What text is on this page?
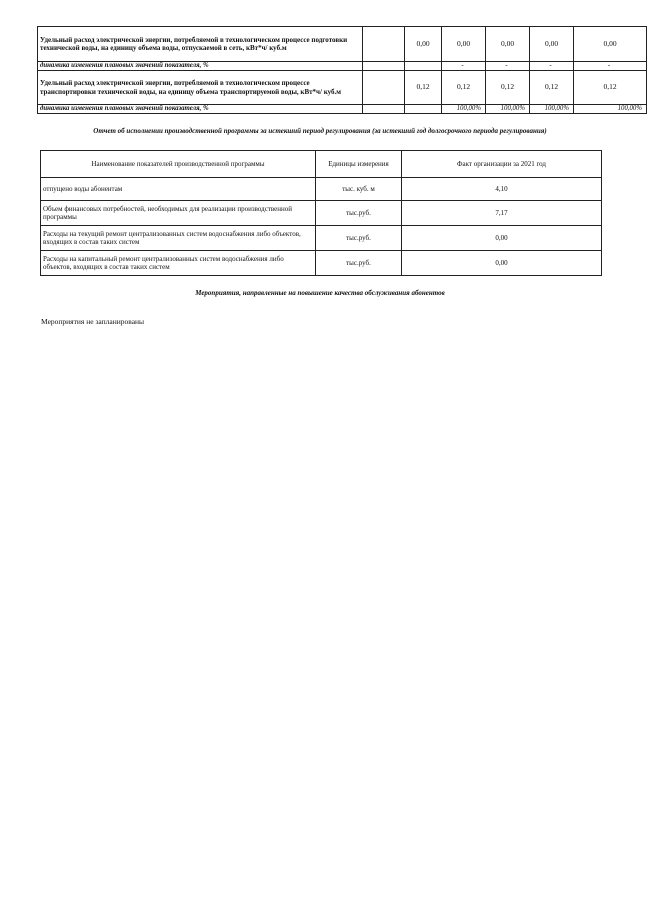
Удельный расход электрической энергии, потребляемой в технологическом процессе подготовки технической воды, на единицу объема воды, отпускаемой в сеть, кВт*ч/ куб.м		0,00	0,00	0,00	0,00	0,00
динамика изменения плановых значений показателя, %			-	-	-	-
Удельный расход электрической энергии, потребляемой в технологическом процессе транспортировки технической воды, на единицу объема транспортируемой воды, кВт*ч/ куб.м		0,12	0,12	0,12	0,12	0,12
динамика изменения плановых значений показателя, %			100,00%	100,00%	100,00%	100,00%
Отчет об исполнении производственной программы за истекший период регулирования (за истекший год долгосрочного периода регулирования)
Наименование показателей производственной программы	Единицы измерения	Факт организации за 2021 год
отпущено воды абонентам	тыс. куб. м	4,10
Объем финансовых потребностей, необходимых для реализации производственной программы	тыс.руб.	7,17
Расходы на текущий ремонт централизованных систем водоснабжения либо объектов, входящих в состав таких систем	тыс.руб.	0,00
Расходы на капитальный ремонт централизованных систем водоснабжения либо объектов, входящих в состав таких систем	тыс.руб.	0,00
Мероприятия, направленные на повышение качества обслуживания абонентов
Мероприятия не запланированы
